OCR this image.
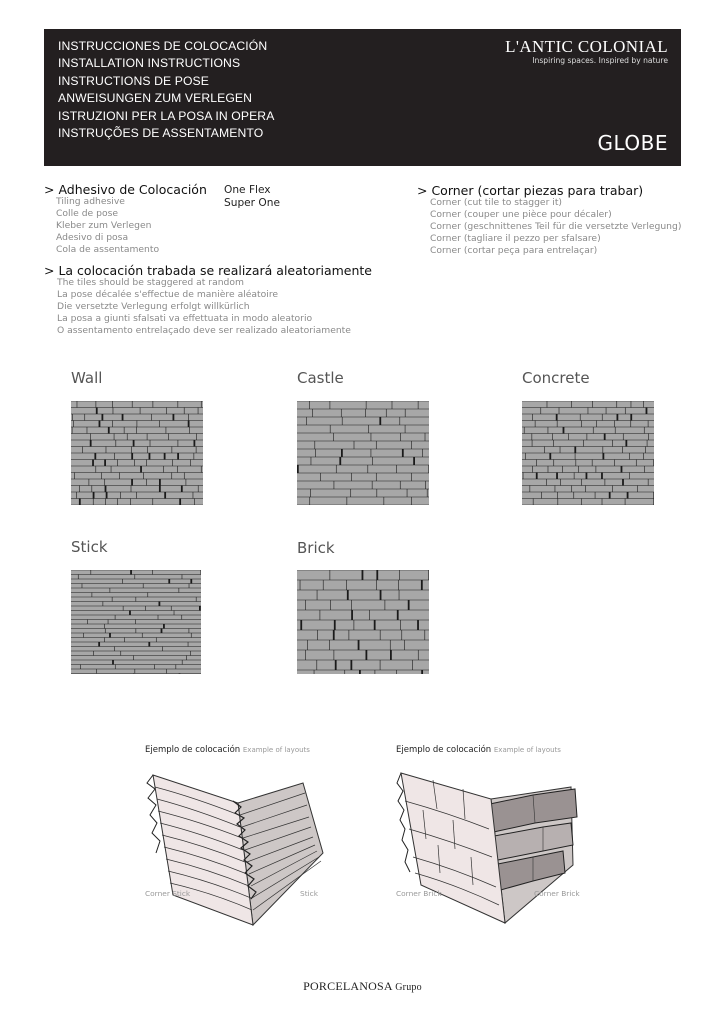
INSTRUCCIONES DE COLOCACIÓN
INSTALLATION INSTRUCTIONS
INSTRUCTIONS DE POSE
ANWEISUNGEN ZUM VERLEGEN
ISTRUZIONI PER LA POSA IN OPERA
INSTRUÇÕES DE ASSENTAMENTO
L'ANTIC COLONIAL
Inspiring spaces. Inspired by nature
GLOBE
> Adhesivo de Colocación
Tiling adhesive
Colle de pose
Kleber zum Verlegen
Adesivo di posa
Cola de assentamento
One Flex
Super One
> Corner (cortar piezas para trabar)
Corner (cut tile to stagger it)
Corner (couper une pièce pour décaler)
Corner (geschnittenes Teil für die versetzte Verlegung)
Corner (tagliare il pezzo per sfalsare)
Corner (cortar peça para entrelaçar)
> La colocación trabada se realizará aleatoriamente
The tiles should be staggered at random
La pose décalée s'effectue de manière aléatoire
Die versetzte Verlegung erfolgt willkürlich
La posa a giunti sfalsati va effettuata in modo aleatorio
O assentamento entrelaçado deve ser realizado aleatoriamente
Wall	Castle	Concrete
Stick	Brick
Ejemplo de colocación Example of layouts	Ejemplo de colocación Example of layouts
Corner Stick	Stick	Corner Brick	Corner Brick
PORCELANOSA Grupo
